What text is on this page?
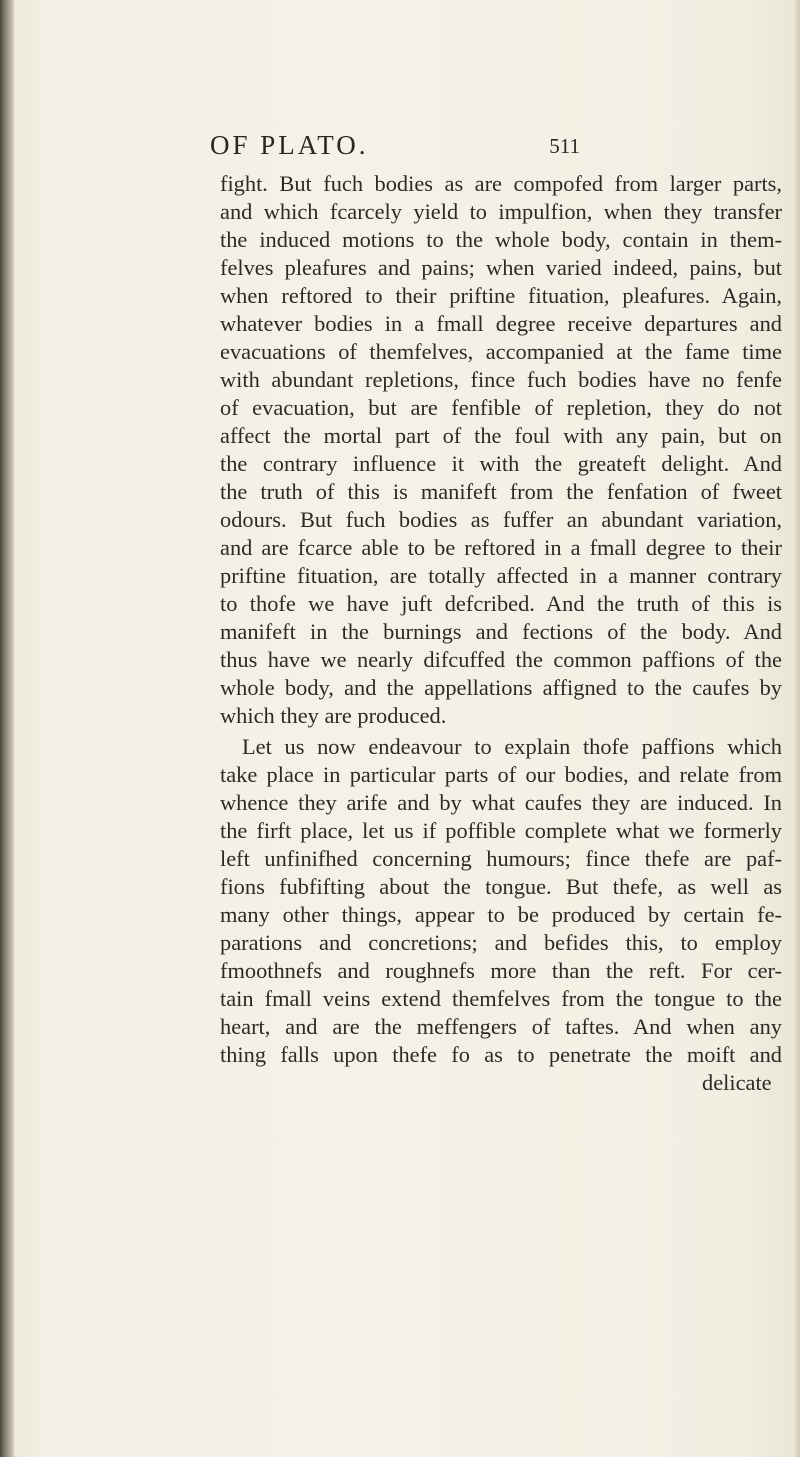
OF PLATO.	511
fight. But fuch bodies as are compofed from larger parts,
and which fcarcely yield to impulfion, when they transfer
the induced motions to the whole body, contain in them-
felves pleafures and pains; when varied indeed, pains, but
when reftored to their priftine fituation, pleafures. Again,
whatever bodies in a fmall degree receive departures and
evacuations of themfelves, accompanied at the fame time
with abundant repletions, fince fuch bodies have no fenfe
of evacuation, but are fenfible of repletion, they do not
affect the mortal part of the foul with any pain, but on
the contrary influence it with the greateft delight. And
the truth of this is manifeft from the fenfation of fweet
odours. But fuch bodies as fuffer an abundant variation,
and are fcarce able to be reftored in a fmall degree to their
priftine fituation, are totally affected in a manner contrary
to thofe we have juft defcribed. And the truth of this is
manifeft in the burnings and fections of the body. And
thus have we nearly difcuffed the common paffions of the
whole body, and the appellations affigned to the caufes by
which they are produced.
Let us now endeavour to explain thofe paffions which
take place in particular parts of our bodies, and relate from
whence they arife and by what caufes they are induced. In
the firft place, let us if poffible complete what we formerly
left unfinifhed concerning humours; fince thefe are paf-
fions fubfifting about the tongue. But thefe, as well as
many other things, appear to be produced by certain fe-
parations and concretions; and befides this, to employ
fmoothnefs and roughnefs more than the reft. For cer-
tain fmall veins extend themfelves from the tongue to the
heart, and are the meffengers of taftes. And when any
thing falls upon thefe fo as to penetrate the moift and
delicate
